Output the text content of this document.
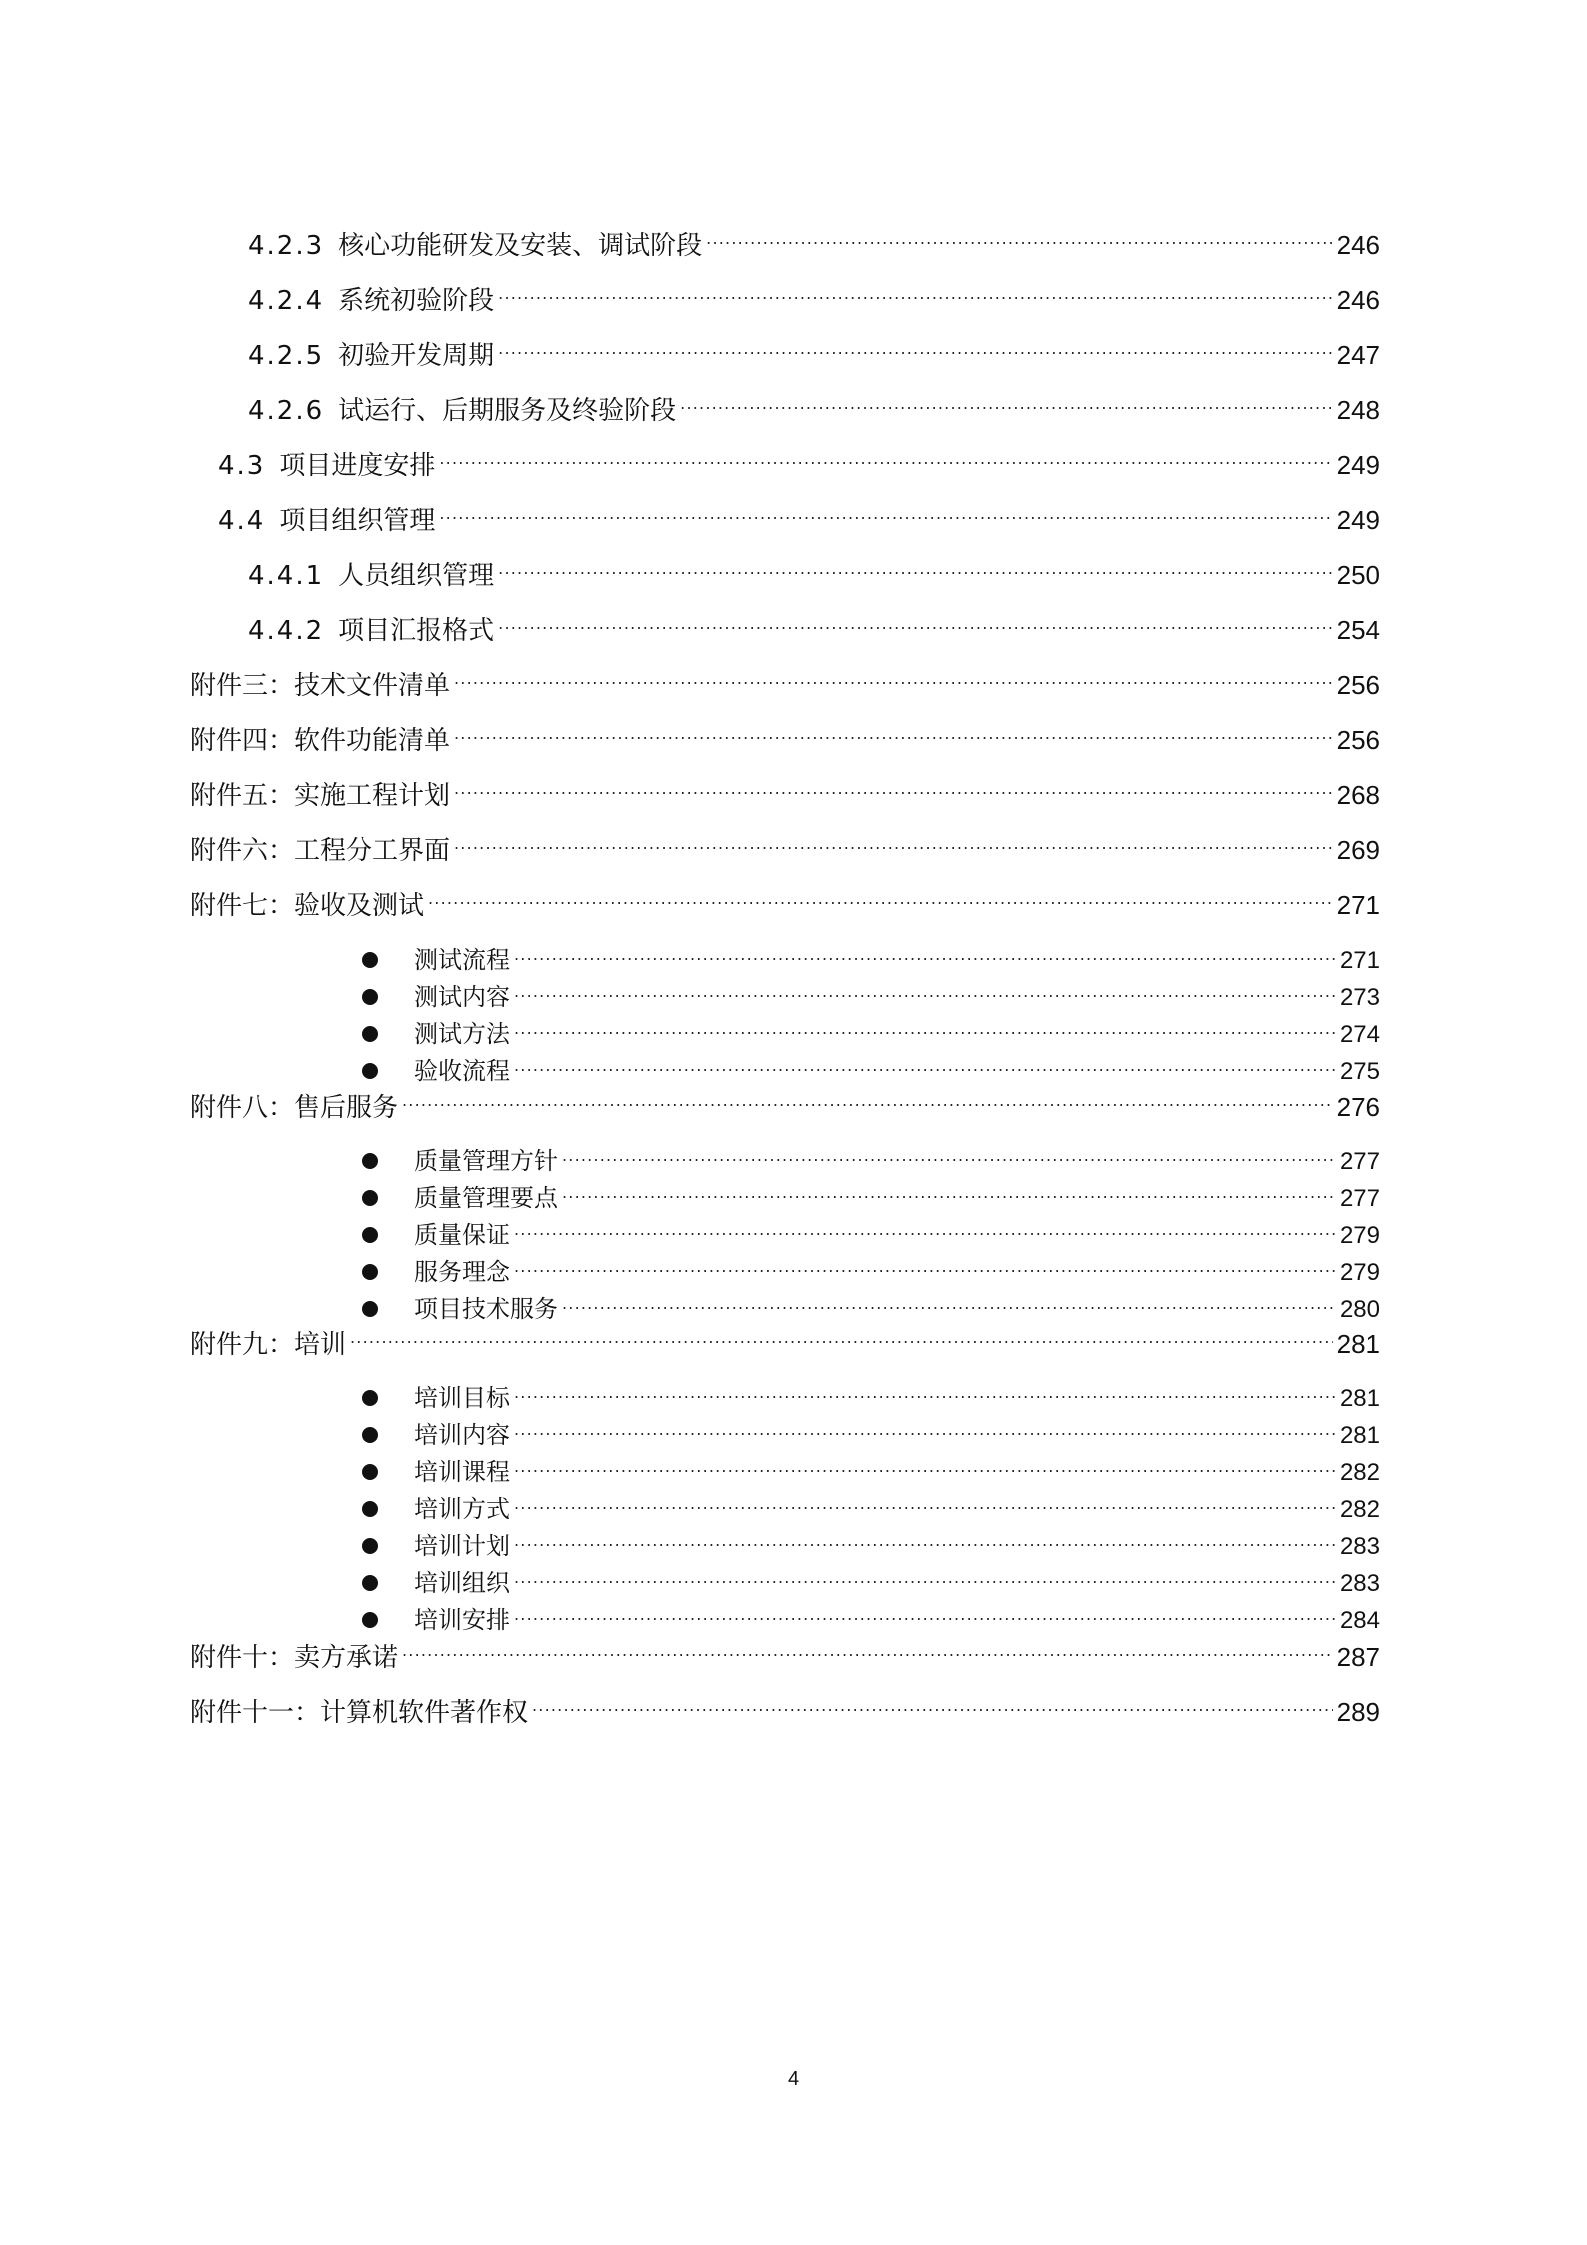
4.2.3 核心功能研发及安装、调试阶段 .....	246
4.2.4 系统初验阶段 .....	246
4.2.5 初验开发周期 .....	247
4.2.6 试运行、后期服务及终验阶段 .....	248
4.3 项目进度安排 .....	249
4.4 项目组织管理 .....	249
4.4.1 人员组织管理 .....	250
4.4.2 项目汇报格式 .....	254
附件三：技术文件清单 .....	256
附件四：软件功能清单 .....	256
附件五：实施工程计划 .....	268
附件六：工程分工界面 .....	269
附件七：验收及测试 .....	271
测试流程 .....	271
测试内容 .....	273
测试方法 .....	274
验收流程 .....	275
附件八：售后服务 .....	276
质量管理方针 .....	277
质量管理要点 .....	277
质量保证 .....	279
服务理念 .....	279
项目技术服务 .....	280
附件九：培训 .....	281
培训目标 .....	281
培训内容 .....	281
培训课程 .....	282
培训方式 .....	282
培训计划 .....	283
培训组织 .....	283
培训安排 .....	284
附件十：卖方承诺 .....	287
附件十一：计算机软件著作权 .....	289
4
